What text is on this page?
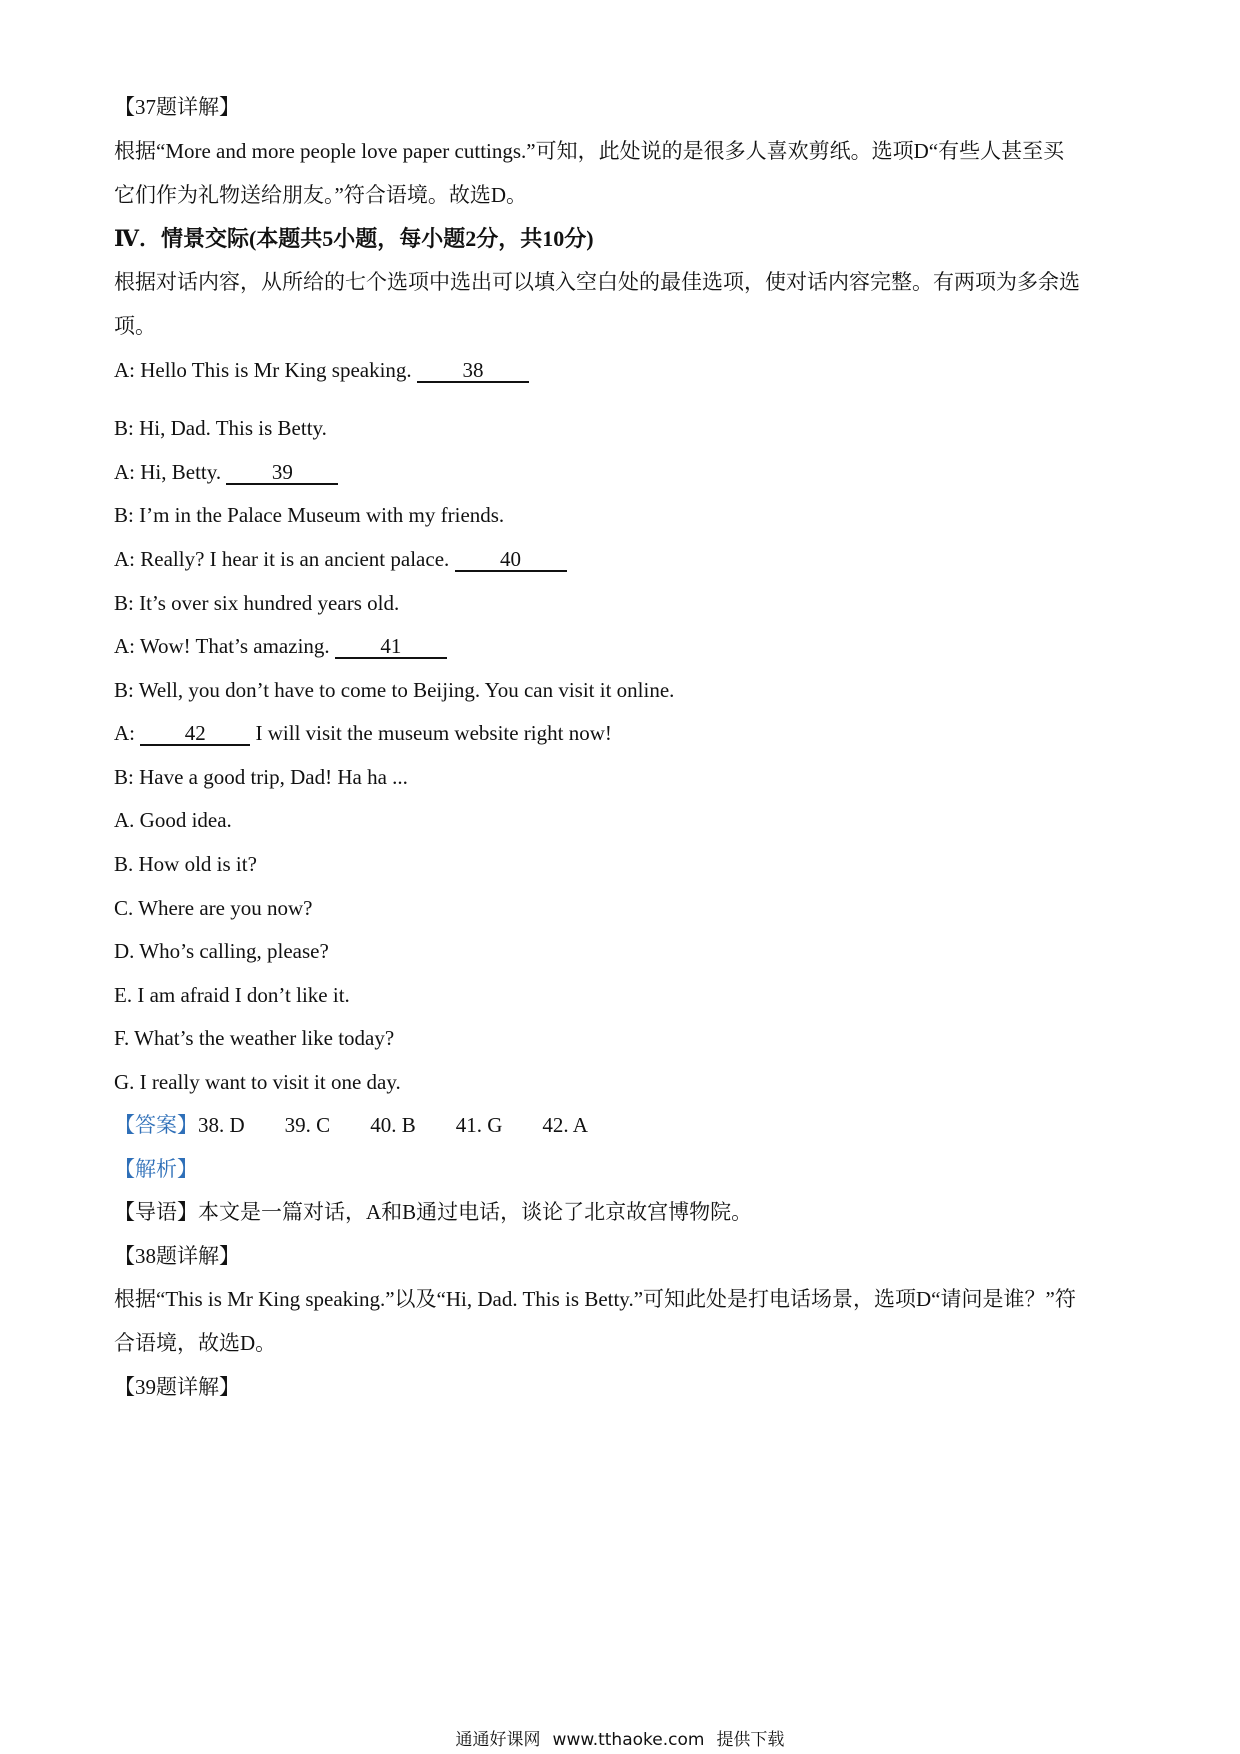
【37题详解】
根据“More and more people love paper cuttings.”可知，此处说的是很多人喜欢剪纸。选项D“有些人甚至买
它们作为礼物送给朋友。”符合语境。故选D。
Ⅳ．情景交际(本题共5小题，每小题2分，共10分)
根据对话内容，从所给的七个选项中选出可以填入空白处的最佳选项，使对话内容完整。有两项为多余选
项。
A: Hello This is Mr King speaking. 38
B: Hi, Dad. This is Betty.
A: Hi, Betty. 39
B: I’m in the Palace Museum with my friends.
A: Really? I hear it is an ancient palace. 40
B: It’s over six hundred years old.
A: Wow! That’s amazing. 41
B: Well, you don’t have to come to Beijing. You can visit it online.
A: 42 I will visit the museum website right now!
B: Have a good trip, Dad! Ha ha ...
A. Good idea.
B. How old is it?
C. Where are you now?
D. Who’s calling, please?
E. I am afraid I don’t like it.
F. What’s the weather like today?
G. I really want to visit it one day.
【答案】38. D 39. C 40. B 41. G 42. A
【解析】
【导语】本文是一篇对话，A和B通过电话，谈论了北京故宫博物院。
【38题详解】
根据“This is Mr King speaking.”以及“Hi, Dad. This is Betty.”可知此处是打电话场景，选项D“请问是谁？”符
合语境，故选D。
【39题详解】
通通好课网 www.tthaoke.com 提供下载
